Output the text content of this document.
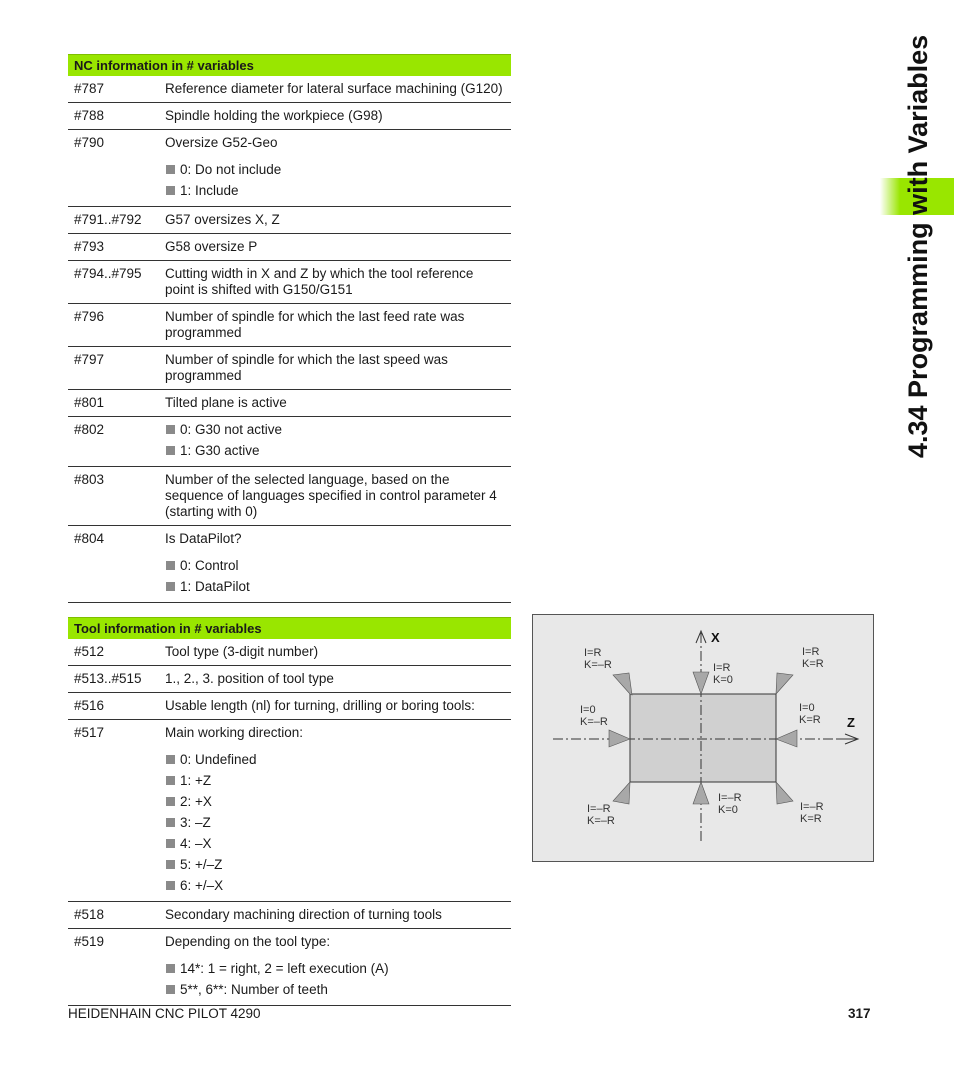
4.34 Programming with Variables
NC information in # variables
#787	Reference diameter for lateral surface machining (G120)
#788	Spindle holding the workpiece (G98)
#790	Oversize G52-Geo
0: Do not include
1: Include
#791..#792	G57 oversizes X, Z
#793	G58 oversize P
#794..#795	Cutting width in X and Z by which the tool reference point is shifted with G150/G151
#796	Number of spindle for which the last feed rate was programmed
#797	Number of spindle for which the last speed was programmed
#801	Tilted plane is active
#802	0: G30 not active
1: G30 active
#803	Number of the selected language, based on the sequence of languages specified in control parameter 4 (starting with 0)
#804	Is DataPilot?
0: Control
1: DataPilot
Tool information in # variables
#512	Tool type (3-digit number)
#513..#515	1., 2., 3. position of tool type
#516	Usable length (nl) for turning, drilling or boring tools:
#517	Main working direction:
0: Undefined
1: +Z
2: +X
3: –Z
4: –X
5: +/–Z
6: +/–X
#518	Secondary machining direction of turning tools
#519	Depending on the tool type:
14*: 1 = right, 2 = left execution (A)
5**, 6**: Number of teeth
X
Z
I=R
K=–R	I=R
K=0
I=R
K=R
I=0
K=–R
I=0
K=R
I=–R
K=–R
I=–R
K=0	I=–R
K=R
HEIDENHAIN CNC PILOT 4290	317
